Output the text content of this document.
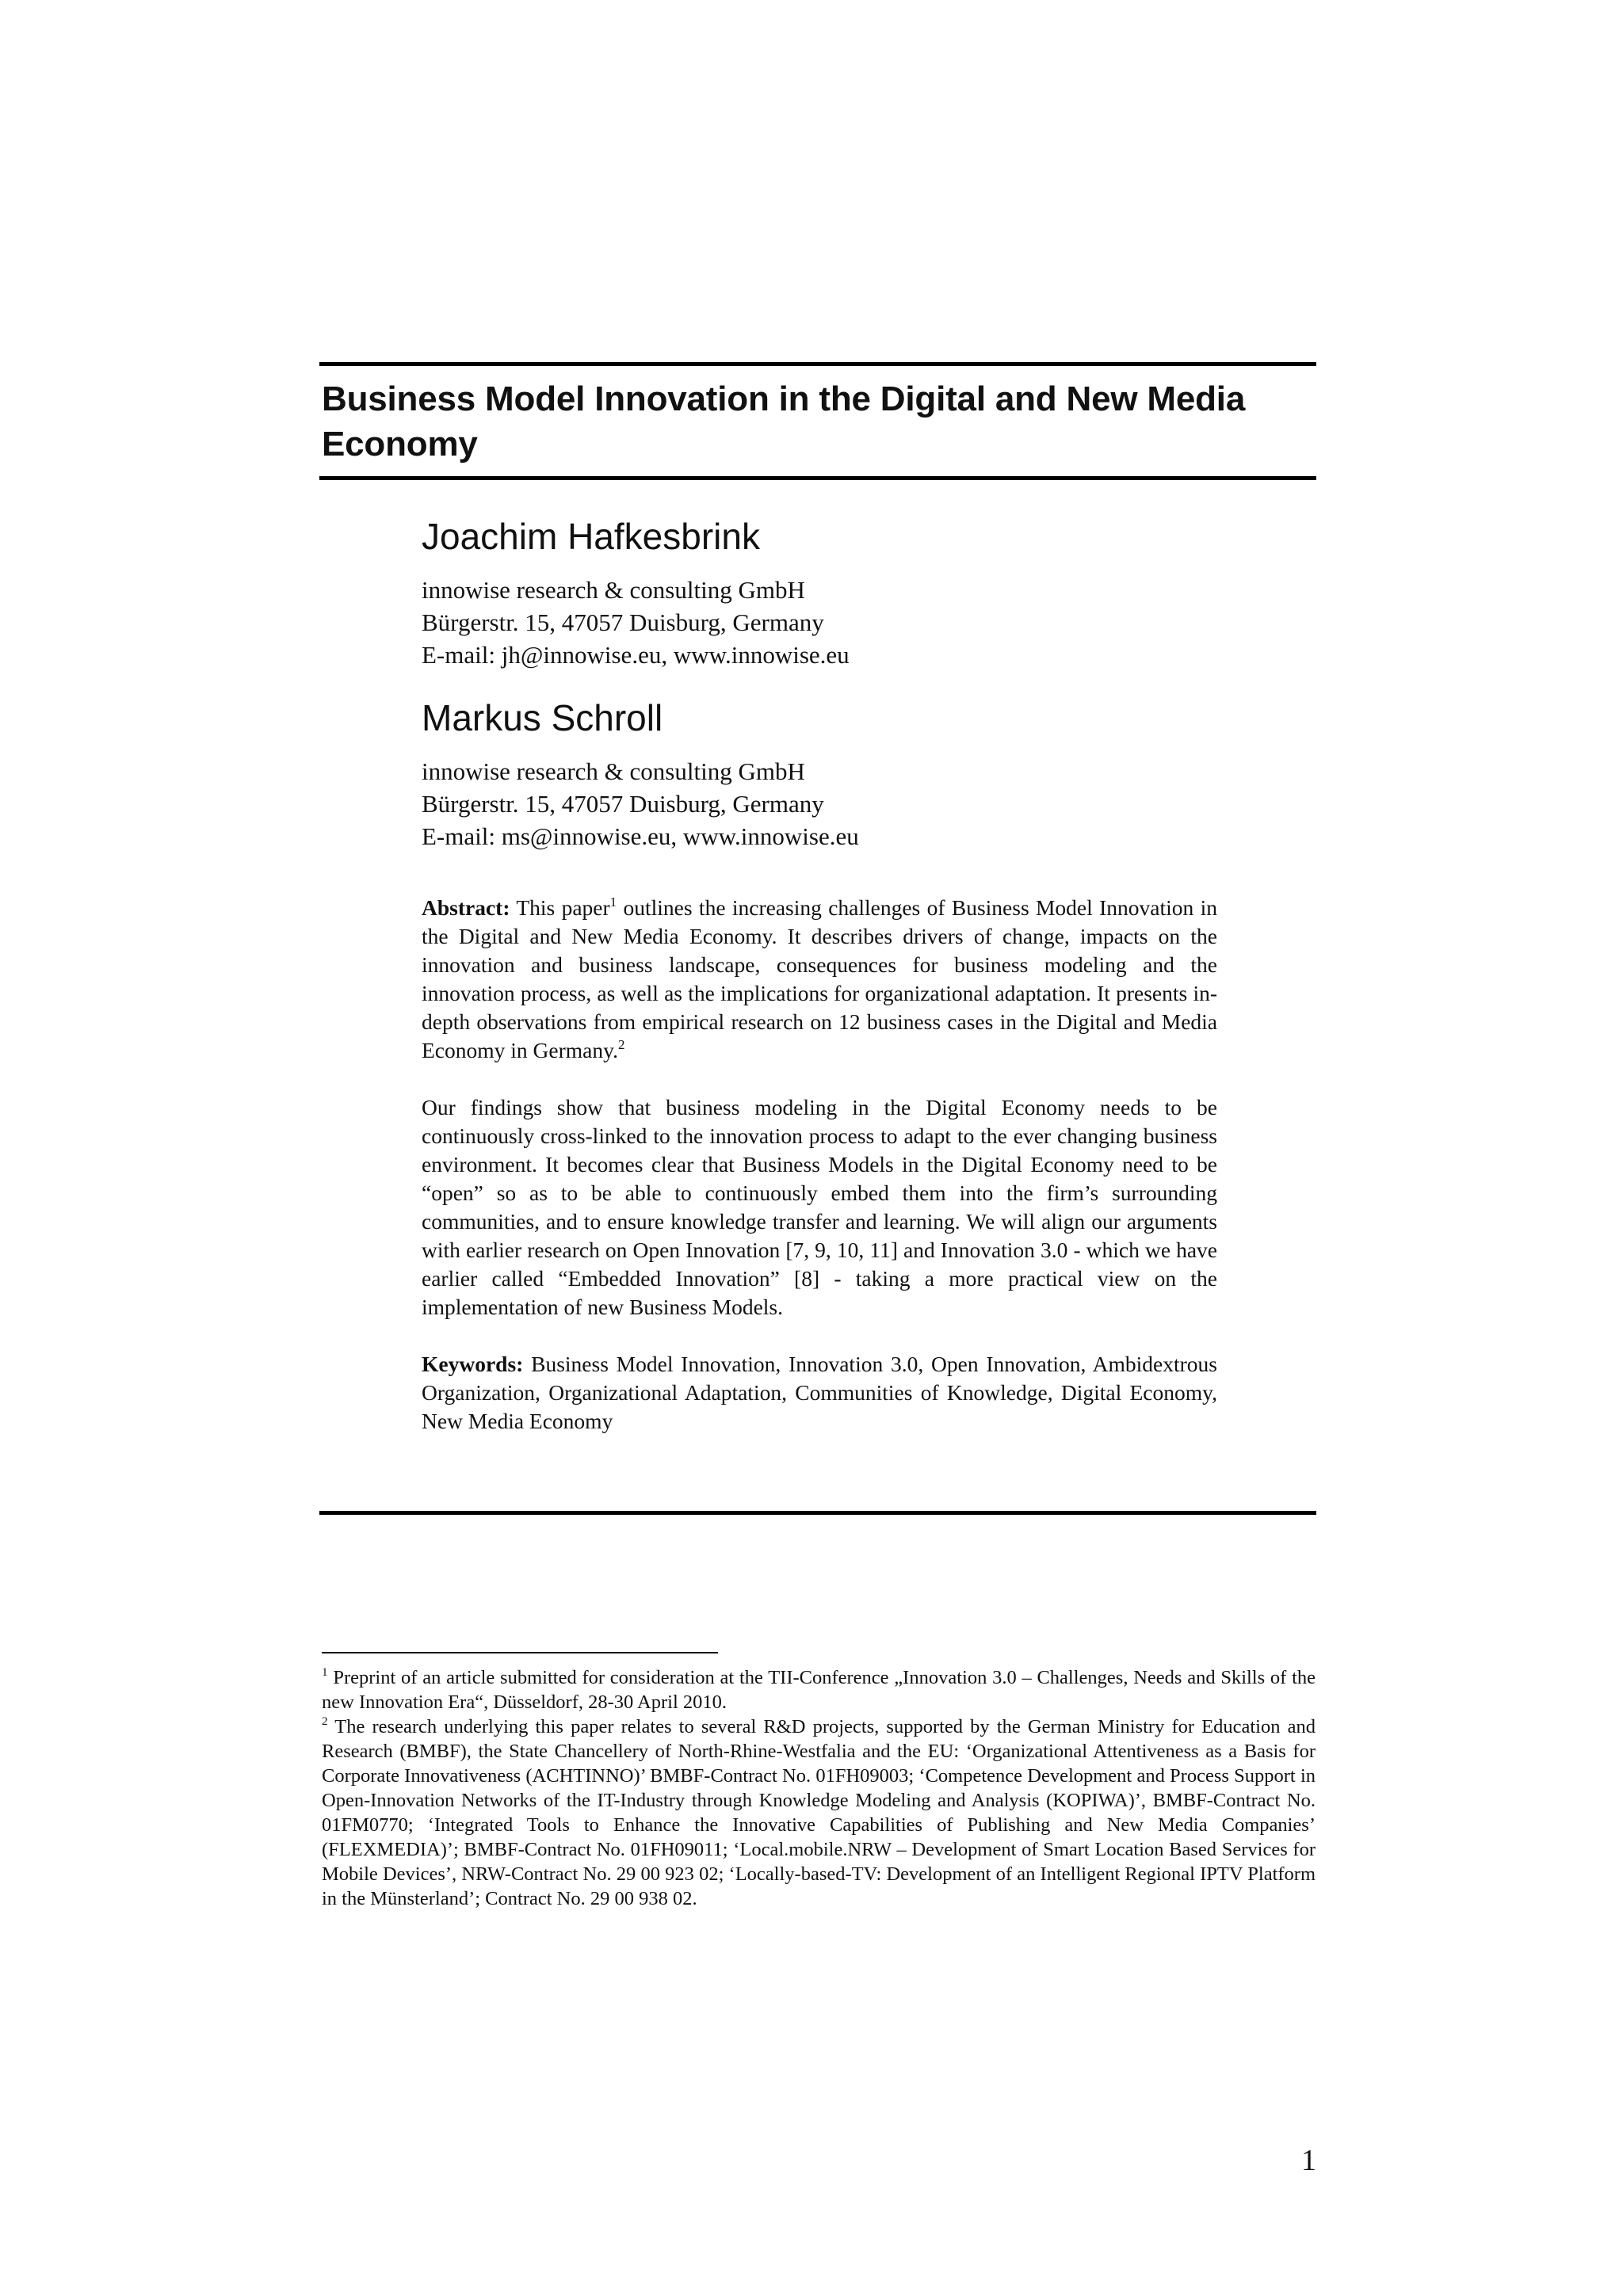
Business Model Innovation in the Digital and New Media Economy
Joachim Hafkesbrink
innowise research & consulting GmbH
Bürgerstr. 15, 47057 Duisburg, Germany
E-mail: jh@innowise.eu, www.innowise.eu
Markus Schroll
innowise research & consulting GmbH
Bürgerstr. 15, 47057 Duisburg, Germany
E-mail: ms@innowise.eu, www.innowise.eu

Abstract: This paper$^1$ outlines the increasing challenges of Business Model Innovation in the Digital and New Media Economy. It describes drivers of change, impacts on the innovation and business landscape, consequences for business modeling and the innovation process, as well as the implications for organizational adaptation. It presents in-depth observations from empirical research on 12 business cases in the Digital and Media Economy in Germany.$^2$

Our findings show that business modeling in the Digital Economy needs to be continuously cross-linked to the innovation process to adapt to the ever changing business environment. It becomes clear that Business Models in the Digital Economy need to be “open” so as to be able to continuously embed them into the firm’s surrounding communities, and to ensure knowledge transfer and learning. We will align our arguments with earlier research on Open Innovation [7, 9, 10, 11] and Innovation 3.0 - which we have earlier called “Embedded Innovation” [8] - taking a more practical view on the implementation of new Business Models.

Keywords: Business Model Innovation, Innovation 3.0, Open Innovation, Ambidextrous Organization, Organizational Adaptation, Communities of Knowledge, Digital Economy, New Media Economy

$^1$ Preprint of an article submitted for consideration at the TII-Conference „Innovation 3.0 – Challenges, Needs and Skills of the new Innovation Era“, Düsseldorf, 28-30 April 2010.
$^2$ The research underlying this paper relates to several R&D projects, supported by the German Ministry for Education and Research (BMBF), the State Chancellery of North-Rhine-Westfalia and the EU: ‘Organizational Attentiveness as a Basis for Corporate Innovativeness (ACHTINNO)’ BMBF-Contract No. 01FH09003; ‘Competence Development and Process Support in Open-Innovation Networks of the IT-Industry through Knowledge Modeling and Analysis (KOPIWA)’, BMBF-Contract No. 01FM0770; ‘Integrated Tools to Enhance the Innovative Capabilities of Publishing and New Media Companies’ (FLEXMEDIA)’; BMBF-Contract No. 01FH09011; ‘Local.mobile.NRW – Development of Smart Location Based Services for Mobile Devices’, NRW-Contract No. 29 00 923 02; ‘Locally-based-TV: Development of an Intelligent Regional IPTV Platform in the Münsterland’; Contract No. 29 00 938 02.
1
